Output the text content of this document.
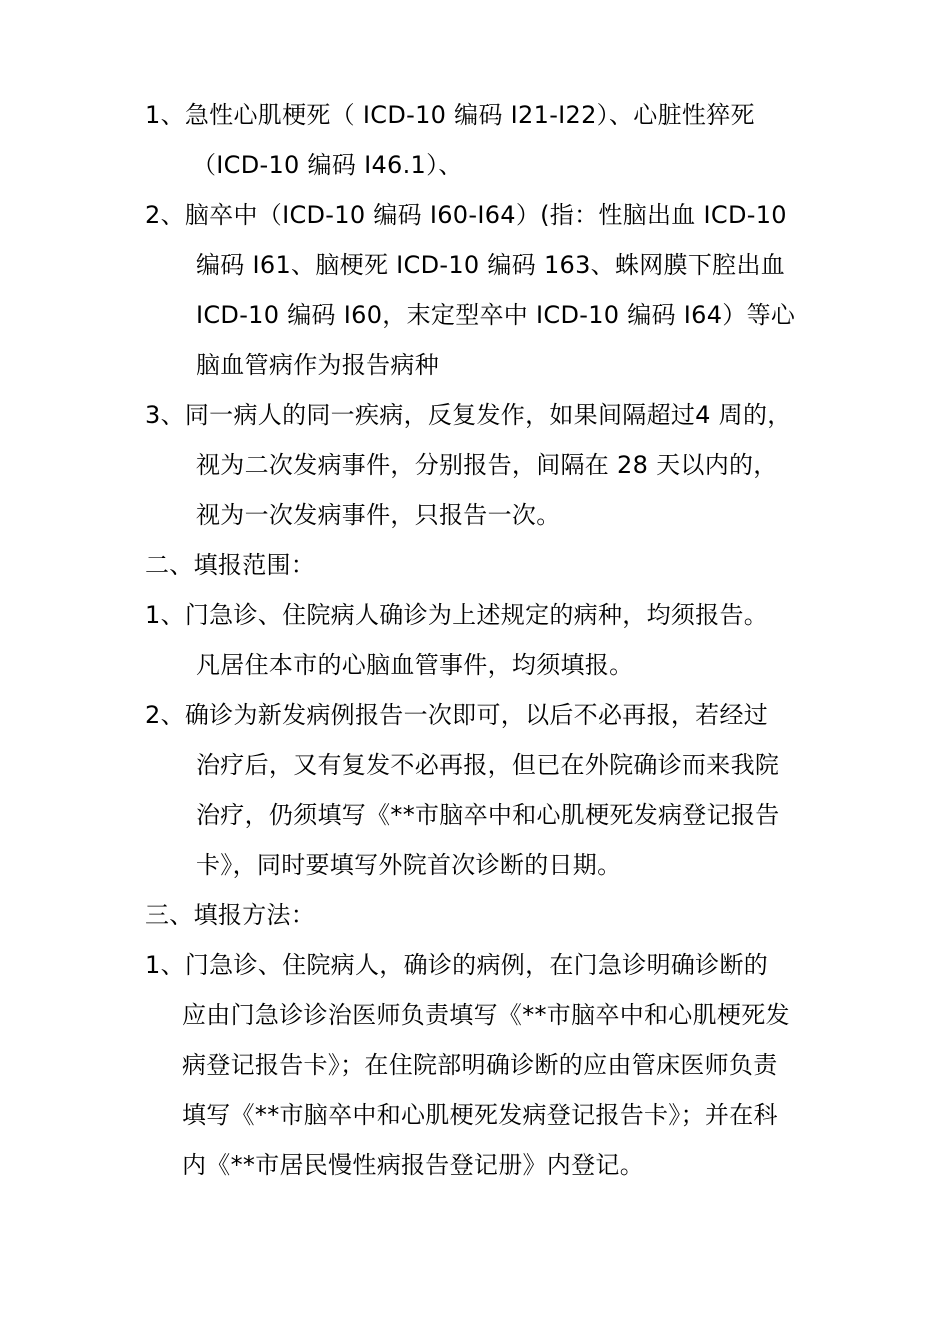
1、急性心肌梗死（ ICD-10 编码 I21-I22）、心脏性猝死
（ICD-10 编码 I46.1）、
2、脑卒中（ICD-10 编码 I60-I64）(指：性脑出血 ICD-10
编码 I61、脑梗死 ICD-10 编码 163、蛛网膜下腔出血
ICD-10 编码 I60，末定型卒中 ICD-10 编码 I64）等心
脑血管病作为报告病种
3、同一病人的同一疾病，反复发作，如果间隔超过4 周的，
视为二次发病事件，分别报告，间隔在 28 天以内的，
视为一次发病事件，只报告一次。
二、填报范围：
1、门急诊、住院病人确诊为上述规定的病种，均须报告。
凡居住本市的心脑血管事件，均须填报。
2、确诊为新发病例报告一次即可，以后不必再报，若经过
治疗后，又有复发不必再报，但已在外院确诊而来我院
治疗，仍须填写《**市脑卒中和心肌梗死发病登记报告
卡》，同时要填写外院首次诊断的日期。
三、填报方法：
1、门急诊、住院病人，确诊的病例，在门急诊明确诊断的
应由门急诊诊治医师负责填写《**市脑卒中和心肌梗死发
病登记报告卡》；在住院部明确诊断的应由管床医师负责
填写《**市脑卒中和心肌梗死发病登记报告卡》；并在科
内《**市居民慢性病报告登记册》内登记。
